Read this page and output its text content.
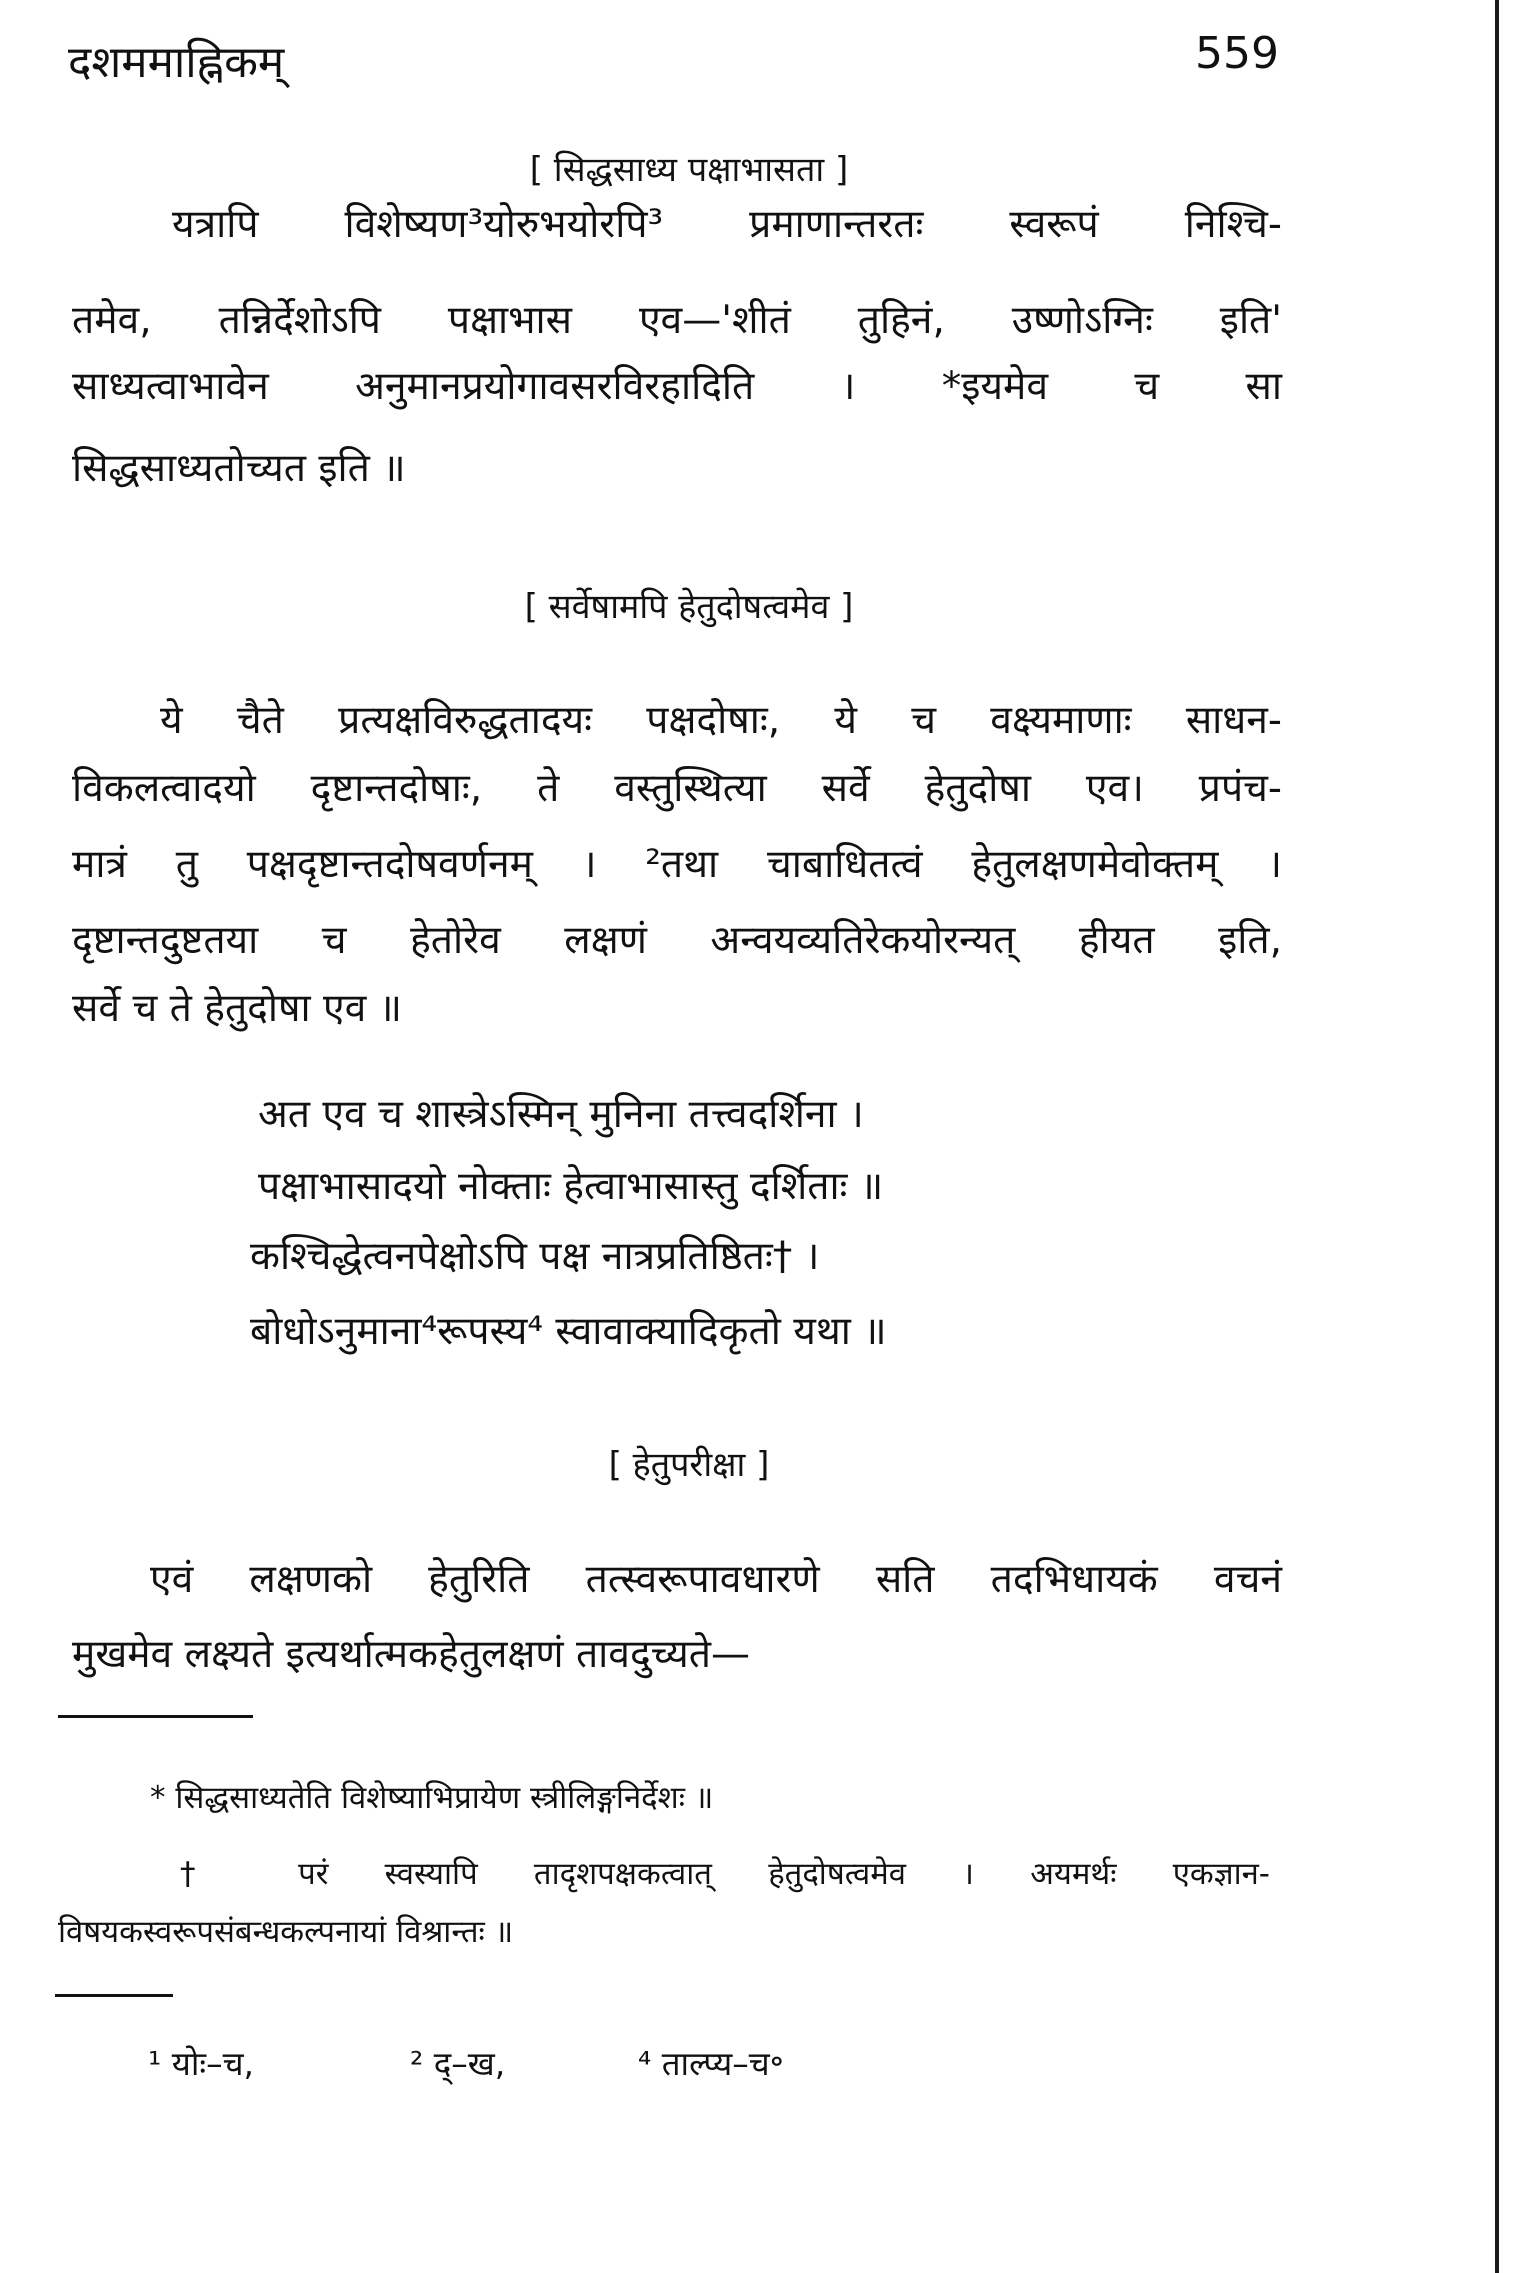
दशममाह्निकम्	559
[ सिद्धसाध्य पक्षाभासता ]
यत्रापि विशेष्यण³योरुभयोरपि³ प्रमाणान्तरतः स्वरूपं निश्चि-
तमेव, तन्निर्देशोऽपि पक्षाभास एव—'शीतं तुहिनं, उष्णोऽग्निः इति'
साध्यत्वाभावेन अनुमानप्रयोगावसरविरहादिति । *इयमेव च सा
सिद्धसाध्यतोच्यत इति ॥
[ सर्वेषामपि हेतुदोषत्वमेव ]
ये चैते प्रत्यक्षविरुद्धतादयः पक्षदोषाः, ये च वक्ष्यमाणाः साधन-
विकलत्वादयो दृष्टान्तदोषाः, ते वस्तुस्थित्या सर्वे हेतुदोषा एव। प्रपंच-
मात्रं तु पक्षदृष्टान्तदोषवर्णनम् । ²तथा चाबाधितत्वं हेतुलक्षणमेवोक्तम् ।
दृष्टान्तदुष्टतया च हेतोरेव लक्षणं अन्वयव्यतिरेकयोरन्यत् हीयत इति,
सर्वे च ते हेतुदोषा एव ॥
अत एव च शास्त्रेऽस्मिन् मुनिना तत्त्वदर्शिना ।
पक्षाभासादयो नोक्ताः हेत्वाभासास्तु दर्शिताः ॥
कश्चिद्धेत्वनपेक्षोऽपि पक्ष नात्रप्रतिष्ठितः† ।
बोधोऽनुमाना⁴रूपस्य⁴ स्वावाक्यादिकृतो यथा ॥
[ हेतुपरीक्षा ]
एवं लक्षणको हेतुरिति तत्स्वरूपावधारणे सति तदभिधायकं वचनं
मुखमेव लक्ष्यते इत्यर्थात्मकहेतुलक्षणं तावदुच्यते—
* सिद्धसाध्यतेति विशेष्याभिप्रायेण स्त्रीलिङ्गनिर्देशः ॥
† परं स्वस्यापि तादृशपक्षकत्वात् हेतुदोषत्वमेव । अयमर्थः एकज्ञान-
विषयकस्वरूपसंबन्धकल्पनायां विश्रान्तः ॥
¹ योः–च,	² द्–ख,	⁴ ताल्प्य–च॰
